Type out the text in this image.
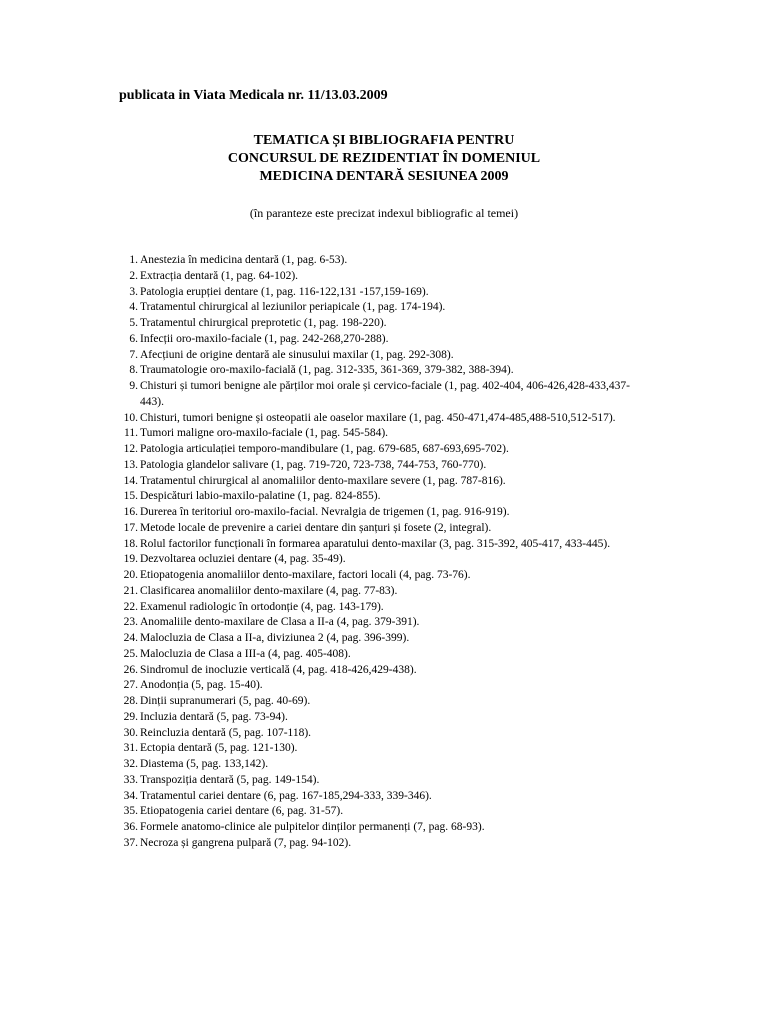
publicata in Viata Medicala nr. 11/13.03.2009

TEMATICA ȘI BIBLIOGRAFIA PENTRU
CONCURSUL DE REZIDENTIAT ÎN DOMENIUL
MEDICINA DENTARĂ SESIUNEA 2009
(în paranteze este precizat indexul bibliografic al temei)
1. Anestezia în medicina dentară (1, pag. 6-53).
2. Extracția dentară (1, pag. 64-102).
3. Patologia erupției dentare (1, pag. 116-122,131 -157,159-169).
4. Tratamentul chirurgical al leziunilor periapicale (1, pag. 174-194).
5. Tratamentul chirurgical preprotetic (1, pag. 198-220).
6. Infecții oro-maxilo-faciale (1, pag. 242-268,270-288).
7. Afecțiuni de origine dentară ale sinusului maxilar (1, pag. 292-308).
8. Traumatologie oro-maxilo-facială (1, pag. 312-335, 361-369, 379-382, 388-394).
9. Chisturi și tumori benigne ale părților moi orale și cervico-faciale (1, pag. 402-404, 406-426,428-433,437-443).
10. Chisturi, tumori benigne și osteopatii ale oaselor maxilare (1, pag. 450-471,474-485,488-510,512-517).
11. Tumori maligne oro-maxilo-faciale (1, pag. 545-584).
12. Patologia articulației temporo-mandibulare (1, pag. 679-685, 687-693,695-702).
13. Patologia glandelor salivare (1, pag. 719-720, 723-738, 744-753, 760-770).
14. Tratamentul chirurgical al anomaliilor dento-maxilare severe (1, pag. 787-816).
15. Despicături labio-maxilo-palatine (1, pag. 824-855).
16. Durerea în teritoriul oro-maxilo-facial. Nevralgia de trigemen (1, pag. 916-919).
17. Metode locale de prevenire a cariei dentare din șanțuri și fosete (2, integral).
18. Rolul factorilor funcționali în formarea aparatului dento-maxilar (3, pag. 315-392, 405-417, 433-445).
19. Dezvoltarea ocluziei dentare (4, pag. 35-49).
20. Etiopatogenia anomaliilor dento-maxilare, factori locali (4, pag. 73-76).
21. Clasificarea anomaliilor dento-maxilare (4, pag. 77-83).
22. Examenul radiologic în ortodonție (4, pag. 143-179).
23. Anomaliile dento-maxilare de Clasa a II-a (4, pag. 379-391).
24. Malocluzia de Clasa a II-a, diviziunea 2 (4, pag. 396-399).
25. Malocluzia de Clasa a III-a (4, pag. 405-408).
26. Sindromul de inocluzie verticală (4, pag. 418-426,429-438).
27. Anodonția (5, pag. 15-40).
28. Dinții supranumerari (5, pag. 40-69).
29. Incluzia dentară (5, pag. 73-94).
30. Reincluzia dentară (5, pag. 107-118).
31. Ectopia dentară (5, pag. 121-130).
32. Diastema (5, pag. 133,142).
33. Transpoziția dentară (5, pag. 149-154).
34. Tratamentul cariei dentare (6, pag. 167-185,294-333, 339-346).
35. Etiopatogenia cariei dentare (6, pag. 31-57).
36. Formele anatomo-clinice ale pulpitelor dinților permanenți (7, pag. 68-93).
37. Necroza și gangrena pulpară (7, pag. 94-102).
